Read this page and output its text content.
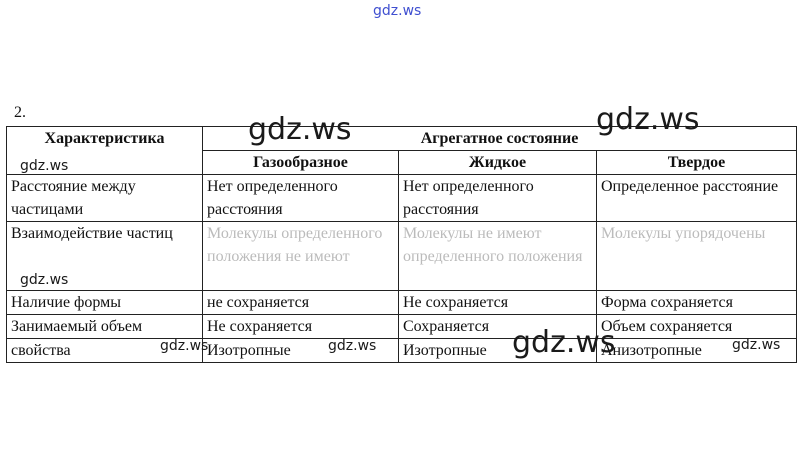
gdz.ws
2.
Характеристика	Агрегатное состояние		
	Газообразное	Жидкое	Твердое
Расстояние между частицами	Нет определенного расстояния	Нет определенного расстояния	Определенное расстояние
Взаимодействие частиц	Молекулы определенного положения не имеют	Молекулы не имеют определенного положения	Молекулы упорядочены
Наличие формы	не сохраняется	Не сохраняется	Форма сохраняется
Занимаемый объем	Не сохраняется	Сохраняется	Объем сохраняется
свойства	Изотропные	Изотропные	Анизотропные
gdz.ws	gdz.ws
gdz.ws
gdz.ws
gdz.ws
gdz.ws	gdz.ws	gdz.ws
